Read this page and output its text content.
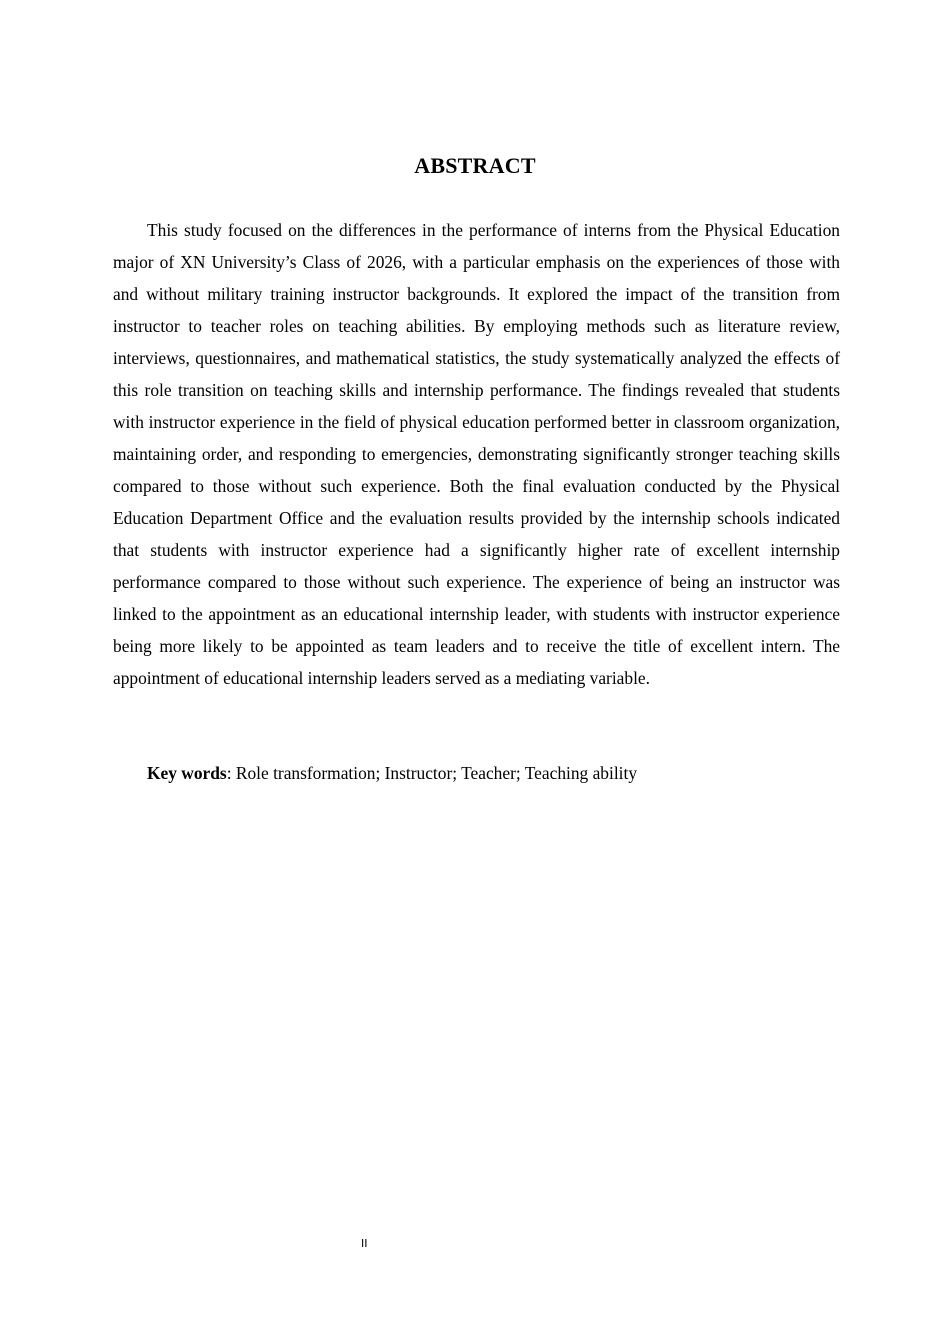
ABSTRACT

This study focused on the differences in the performance of interns from the Physical Education major of XN University’s Class of 2026, with a particular emphasis on the experiences of those with and without military training instructor backgrounds. It explored the impact of the transition from instructor to teacher roles on teaching abilities. By employing methods such as literature review, interviews, questionnaires, and mathematical statistics, the study systematically analyzed the effects of this role transition on teaching skills and internship performance. The findings revealed that students with instructor experience in the field of physical education performed better in classroom organization, maintaining order, and responding to emergencies, demonstrating significantly stronger teaching skills compared to those without such experience. Both the final evaluation conducted by the Physical Education Department Office and the evaluation results provided by the internship schools indicated that students with instructor experience had a significantly higher rate of excellent internship performance compared to those without such experience. The experience of being an instructor was linked to the appointment as an educational internship leader, with students with instructor experience being more likely to be appointed as team leaders and to receive the title of excellent intern. The appointment of educational internship leaders served as a mediating variable.

Key words: Role transformation; Instructor; Teacher; Teaching ability

II
